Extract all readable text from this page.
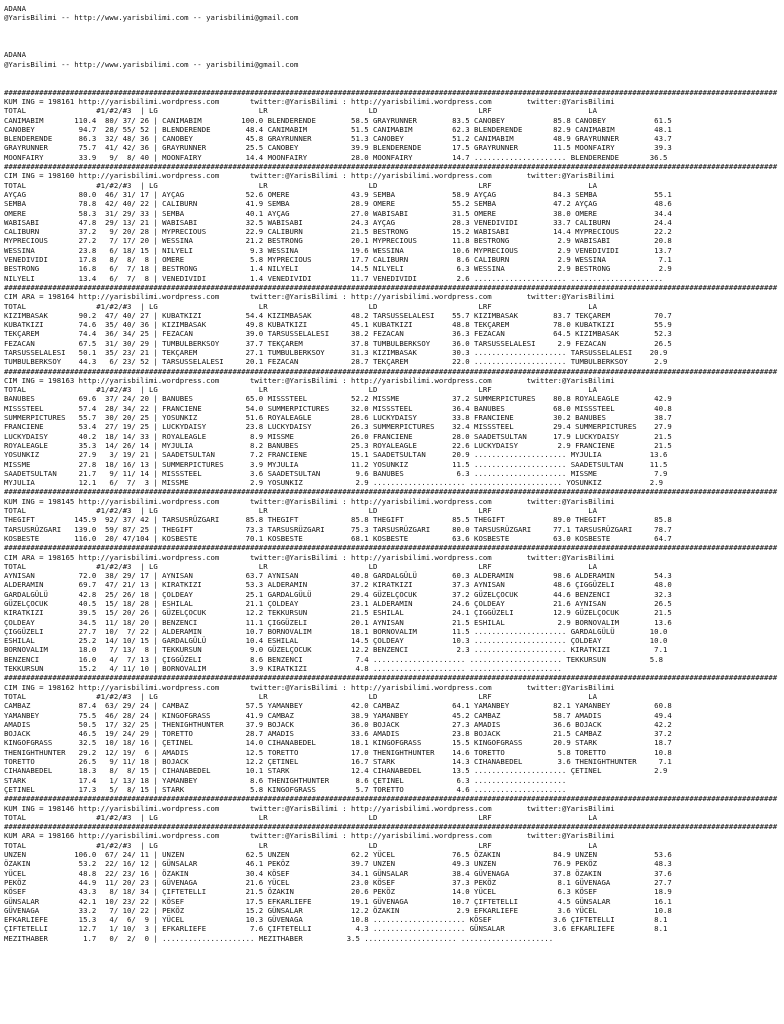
ADANA
@YarisBilimi -- http://www.yarisbilimi.com -- yarisbilimi@gmail.com
ADANA
@YarisBilimi -- http://www.yarisbilimi.com -- yarisbilimi@gmail.com
################################################################################################################################################################################
KUM ING = 198161 http://yarisbilimi.wordpress.com       twitter:@YarisBilimi : http://yarisbilimi.wordpress.com        twitter:@YarisBilimi
TOTAL                #1/#2/#3  | LG                       LR                       LD                       LRF                      LA
CANIMABIM       110.4  80/ 37/ 26 | CANIMABIM         100.0 BLENDERENDE        58.5 GRAYRUNNER        83.5 CANOBEY           85.8 CANOBEY           61.5
CANOBEY          94.7  28/ 55/ 52 | BLENDERENDE        48.4 CANIMABIM          51.5 CANIMABIM         62.3 BLENDERENDE       82.9 CANIMABIM         48.1
BLENDERENDE      86.3  32/ 48/ 36 | CANOBEY            45.8 GRAYRUNNER         51.3 CANOBEY           51.2 CANIMABIM         48.9 GRAYRUNNER        43.7
GRAYRUNNER       75.7  41/ 42/ 36 | GRAYRUNNER         25.5 CANOBEY            39.9 BLENDERENDE       17.5 GRAYRUNNER        11.5 MOONFAIRY         39.3
MOONFAIRY        33.9   9/  8/ 40 | MOONFAIRY          14.4 MOONFAIRY          28.0 MOONFAIRY         14.7 ..................... BLENDERENDE       36.5
################################################################################################################################################################################
CIM ING = 198160 http://yarisbilimi.wordpress.com       twitter:@YarisBilimi : http://yarisbilimi.wordpress.com        twitter:@YarisBilimi
TOTAL                #1/#2/#3  | LG                       LR                       LD                       LRF                      LA
AYÇAG            80.0  46/ 31/ 17 | AYÇAG              52.6 OMERE              43.9 SEMBA             58.9 AYÇAG             84.3 SEMBA             55.1
SEMBA            78.8  42/ 40/ 22 | CALIBURN           41.9 SEMBA              28.9 OMERE             55.2 SEMBA             47.2 AYÇAG             48.6
OMERE            58.3  31/ 29/ 33 | SEMBA              40.1 AYÇAG              27.0 WABISABI          31.5 OMERE             38.0 OMERE             34.4
WABISABI         47.8  29/ 13/ 21 | WABISABI           32.5 WABISABI           24.3 AYÇAG             28.3 VENEDIVIDI        33.7 CALIBURN          24.4
CALIBURN         37.2   9/ 20/ 28 | MYPRECIOUS         22.9 CALIBURN           21.5 BESTRONG          15.2 WABISABI          14.4 MYPRECIOUS        22.2
MYPRECIOUS       27.2   7/ 17/ 20 | WESSINA            21.2 BESTRONG           20.1 MYPRECIOUS        11.8 BESTRONG           2.9 WABISABI          20.8
WESSINA          23.8   6/ 18/ 15 | NILYELI             9.3 WESSINA            19.6 WESSINA           10.6 MYPRECIOUS         2.9 VENEDIVIDI        13.7
VENEDIVIDI       17.8   8/  8/  8 | OMERE               5.8 MYPRECIOUS         17.7 CALIBURN           8.6 CALIBURN           2.9 WESSINA            7.1
BESTRONG         16.8   6/  7/ 18 | BESTRONG            1.4 NILYELI            14.5 NILYELI            6.3 WESSINA            2.9 BESTRONG           2.9
NILYELI          13.4   6/  7/  8 | VENEDIVIDI          1.4 VENEDIVIDI         11.7 VENEDIVIDI         2.6 ..................... .....................
################################################################################################################################################################################
CIM ARA = 198164 http://yarisbilimi.wordpress.com       twitter:@YarisBilimi : http://yarisbilimi.wordpress.com        twitter:@YarisBilimi
TOTAL                #1/#2/#3  | LG                       LR                       LD                       LRF                      LA
KIZIMBASAK       90.2  47/ 40/ 27 | KUBATKIZI          54.4 KIZIMBASAK         48.2 TARSUSSELALESI    55.7 KIZIMBASAK        83.7 TEKÇAREM          70.7
KUBATKIZI        74.6  35/ 40/ 36 | KIZIMBASAK         49.8 KUBATKIZI          45.1 KUBATKIZI         48.8 TEKÇAREM          78.0 KUBATKIZI         55.9
TEKÇAREM         74.4  36/ 34/ 25 | FEZACAN            39.0 TARSUSSELALESI     38.2 FEZACAN           36.3 FEZACAN           64.5 KIZIMBASAK        52.3
FEZACAN          67.5  31/ 30/ 29 | TUMBULBERKSOY      37.7 TEKÇAREM           37.8 TUMBULBERKSOY     36.0 TARSUSSELALESI     2.9 FEZACAN           26.5
TARSUSSELALESI   50.1  35/ 23/ 21 | TEKÇAREM           27.1 TUMBULBERKSOY      31.3 KIZIMBASAK        30.3 ..................... TARSUSSELALESI    20.9
TUMBULBERKSOY    44.3   6/ 23/ 52 | TARSUSSELALESI     20.1 FEZACAN            28.7 TEKÇAREM          22.0 ..................... TUMBULBERKSOY      2.9
################################################################################################################################################################################
CIM ING = 198163 http://yarisbilimi.wordpress.com       twitter:@YarisBilimi : http://yarisbilimi.wordpress.com        twitter:@YarisBilimi
TOTAL                #1/#2/#3  | LG                       LR                       LD                       LRF                      LA
BANUBES          69.6  37/ 24/ 20 | BANUBES            65.0 MISSSTEEL          52.2 MISSME            37.2 SUMMERPICTURES    80.8 ROYALEAGLE        42.9
MISSSTEEL        57.4  28/ 34/ 22 | FRANCIENE          54.0 SUMMERPICTURES     32.0 MISSSTEEL         36.4 BANUBES           68.0 MISSSTEEL         40.8
SUMMERPICTURES   55.7  30/ 20/ 25 | YOSUNKIZ           51.6 ROYALEAGLE         28.6 LUCKYDAISY        33.8 FRANCIENE         30.2 BANUBES           38.7
FRANCIENE        53.4  27/ 19/ 25 | LUCKYDAISY         23.8 LUCKYDAISY         26.3 SUMMERPICTURES    32.4 MISSSTEEL         29.4 SUMMERPICTURES    27.9
LUCKYDAISY       40.2  18/ 14/ 33 | ROYALEAGLE          8.9 MISSME             26.0 FRANCIENE         28.0 SAADETSULTAN      17.9 LUCKYDAISY        21.5
ROYALEAGLE       35.3  14/ 26/ 14 | MYJULIA             8.2 BANUBES            25.3 ROYALEAGLE        22.6 LUCKYDAISY         2.9 FRANCIENE         21.5
YOSUNKIZ         27.9   3/ 19/ 21 | SAADETSULTAN        7.2 FRANCIENE          15.1 SAADETSULTAN      20.9 ..................... MYJULIA           13.6
MISSME           27.8  18/ 16/ 13 | SUMMERPICTURES      3.9 MYJULIA            11.2 YOSUNKIZ          11.5 ..................... SAADETSULTAN      11.5
SAADETSULTAN     21.7   9/ 11/ 14 | MISSSTEEL           3.6 SAADETSULTAN        9.6 BANUBES            6.3 ..................... MISSME             7.9
MYJULIA          12.1   6/  7/  3 | MISSME              2.9 YOSUNKIZ            2.9 ..................... ..................... YOSUNKIZ           2.9
################################################################################################################################################################################
KUM ING = 198145 http://yarisbilimi.wordpress.com       twitter:@YarisBilimi : http://yarisbilimi.wordpress.com        twitter:@YarisBilimi
TOTAL                #1/#2/#3  | LG                       LR                       LD                       LRF                      LA
THEGIFT         145.9  92/ 37/ 42 | TARSUSRÜZGARI      85.8 THEGIFT            85.8 THEGIFT           85.5 THEGIFT           89.0 THEGIFT           85.8
TARSUSRÜZGARI   139.0  59/ 87/ 25 | THEGIFT            73.3 TARSUSRÜZGARI      75.3 TARSUSRÜZGARI     80.0 TARSUSRÜZGARI     77.1 TARSUSRÜZGARI     78.7
KOSBESTE        116.0  20/ 47/104 | KOSBESTE           70.1 KOSBESTE           68.1 KOSBESTE          63.6 KOSBESTE          63.0 KOSBESTE          64.7
################################################################################################################################################################################
CIM ARA = 198165 http://yarisbilimi.wordpress.com       twitter:@YarisBilimi : http://yarisbilimi.wordpress.com        twitter:@YarisBilimi
TOTAL                #1/#2/#3  | LG                       LR                       LD                       LRF                      LA
AYNISAN          72.0  38/ 29/ 17 | AYNISAN            63.7 AYNISAN            40.8 GARDALGÜLÜ        60.3 ALDERAMIN         98.6 ALDERAMIN         54.3
ALDERAMIN        69.7  47/ 21/ 13 | KIRATKIZI          53.3 ALDERAMIN          37.2 KIRATKIZI         37.3 AYNISAN           48.6 ÇIGGÜZELI         48.0
GARDALGÜLÜ       42.8  25/ 26/ 18 | ÇOLDEAY            25.1 GARDALGÜLÜ         29.4 GÜZELÇOCUK        37.2 GÜZELÇOCUK        44.6 BENZENCI          32.3
GÜZELÇOCUK       40.5  15/ 18/ 28 | ESHILAL            21.1 ÇOLDEAY            23.1 ALDERAMIN         24.6 ÇOLDEAY           21.6 AYNISAN           26.5
KIRATKIZI        39.5  15/ 20/ 26 | GÜZELÇOCUK         12.2 TEKKURSUN          21.5 ESHILAL           24.1 ÇIGGÜZELI         12.9 GÜZELÇOCUK        21.5
ÇOLDEAY          34.5  11/ 18/ 20 | BENZENCI           11.1 ÇIGGÜZELI          20.1 AYNISAN           21.5 ESHILAL            2.9 BORNOVALIM        13.6
ÇIGGÜZELI        27.7  10/  7/ 22 | ALDERAMIN          10.7 BORNOVALIM         18.1 BORNOVALIM        11.5 ..................... GARDALGÜLÜ        10.0
ESHILAL          25.2  14/ 10/ 15 | GARDALGÜLÜ         10.4 ESHILAL            14.5 ÇOLDEAY           10.3 ..................... ÇOLDEAY           10.0
BORNOVALIM       18.0   7/ 13/  8 | TEKKURSUN           9.0 GÜZELÇOCUK         12.2 BENZENCI           2.3 ..................... KIRATKIZI          7.1
BENZENCI         16.0   4/  7/ 13 | ÇIGGÜZELI           8.6 BENZENCI            7.4 ..................... ..................... TEKKURSUN          5.8
TEKKURSUN        15.2   4/ 11/ 10 | BORNOVALIM          3.9 KIRATKIZI           4.8 ..................... .....................
################################################################################################################################################################################
CIM ING = 198162 http://yarisbilimi.wordpress.com       twitter:@YarisBilimi : http://yarisbilimi.wordpress.com        twitter:@YarisBilimi
TOTAL                #1/#2/#3  | LG                       LR                       LD                       LRF                      LA
CAMBAZ           87.4  63/ 29/ 24 | CAMBAZ             57.5 YAMANBEY           42.0 CAMBAZ            64.1 YAMANBEY          82.1 YAMANBEY          60.8
YAMANBEY         75.5  46/ 28/ 24 | KINGOFGRASS        41.9 CAMBAZ             38.9 YAMANBEY          45.2 CAMBAZ            58.7 AMADIS            49.4
AMADIS           50.5  17/ 32/ 25 | THENIGHTHUNTER     37.9 BOJACK             36.0 BOJACK            27.3 AMADIS            36.6 BOJACK            42.2
BOJACK           46.5  19/ 24/ 29 | TORETTO            28.7 AMADIS             33.6 AMADIS            23.8 BOJACK            21.5 CAMBAZ            37.2
KINGOFGRASS      32.5  10/ 18/ 16 | ÇETINEL            14.0 CIHANABEDEL        18.1 KINGOFGRASS       15.5 KINGOFGRASS       20.9 STARK             18.7
THENIGHTHUNTER   29.2  12/ 19/  6 | AMADIS             12.5 TORETTO            17.0 THENIGHTHUNTER    14.6 TORETTO            5.8 TORETTO           10.8
TORETTO          26.5   9/ 11/ 18 | BOJACK             12.2 ÇETINEL            16.7 STARK             14.3 CIHANABEDEL        3.6 THENIGHTHUNTER     7.1
CIHANABEDEL      18.3   8/  8/ 15 | CIHANABEDEL        10.1 STARK              12.4 CIHANABEDEL       13.5 ..................... ÇETINEL            2.9
STARK            17.4   1/ 13/ 18 | YAMANBEY            8.6 THENIGHTHUNTER      8.6 ÇETINEL            6.3 .....................
ÇETINEL          17.3   5/  8/ 15 | STARK               5.8 KINGOFGRASS         5.7 TORETTO            4.6 .....................
################################################################################################################################################################################
KUM ING = 198146 http://yarisbilimi.wordpress.com       twitter:@YarisBilimi : http://yarisbilimi.wordpress.com        twitter:@YarisBilimi
TOTAL                #1/#2/#3  | LG                       LR                       LD                       LRF                      LA
################################################################################################################################################################################
KUM ARA = 198166 http://yarisbilimi.wordpress.com       twitter:@YarisBilimi : http://yarisbilimi.wordpress.com        twitter:@YarisBilimi
TOTAL                #1/#2/#3  | LG                       LR                       LD                       LRF                      LA
UNZEN           106.0  67/ 24/ 11 | UNZEN              62.5 UNZEN              62.2 YÜCEL             76.5 ÖZAKIN            84.9 UNZEN             53.6
ÖZAKIN           53.2  22/ 16/ 12 | GÜNSALAR           46.1 PEKÖZ              39.7 UNZEN             49.3 UNZEN             76.9 PEKÖZ             48.3
YÜCEL            48.8  22/ 23/ 16 | ÖZAKIN             30.4 KÖSEF              34.1 GÜNSALAR          38.4 GÜVENAGA          37.8 ÖZAKIN            37.6
PEKÖZ            44.9  11/ 20/ 23 | GÜVENAGA           21.6 YÜCEL              23.0 KÖSEF             37.3 PEKÖZ              8.1 GÜVENAGA          27.7
KÖSEF            43.3   8/ 18/ 34 | ÇIFTETELLI         21.5 ÖZAKIN             20.6 PEKÖZ             14.0 YÜCEL              6.3 KÖSEF             18.9
GÜNSALAR         42.1  10/ 23/ 22 | KÖSEF              17.5 EFKARLIEFE         19.1 GÜVENAGA          10.7 ÇIFTETELLI         4.5 GÜNSALAR          16.1
GÜVENAGA         33.2   7/ 10/ 22 | PEKÖZ              15.2 GÜNSALAR           12.2 ÖZAKIN             2.9 EFKARLIEFE         3.6 YÜCEL             10.8
EFKARLIEFE       15.3   4/  6/  9 | YÜCEL              10.3 GÜVENAGA           10.8 ..................... KÖSEF              3.6 ÇIFTETELLI         8.1
ÇIFTETELLI       12.7   1/ 10/  3 | EFKARLIEFE          7.6 ÇIFTETELLI          4.3 ..................... GÜNSALAR           3.6 EFKARLIEFE         8.1
MEZITHABER        1.7   0/  2/  0 | ..................... MEZITHABER          3.5 ..................... .....................
